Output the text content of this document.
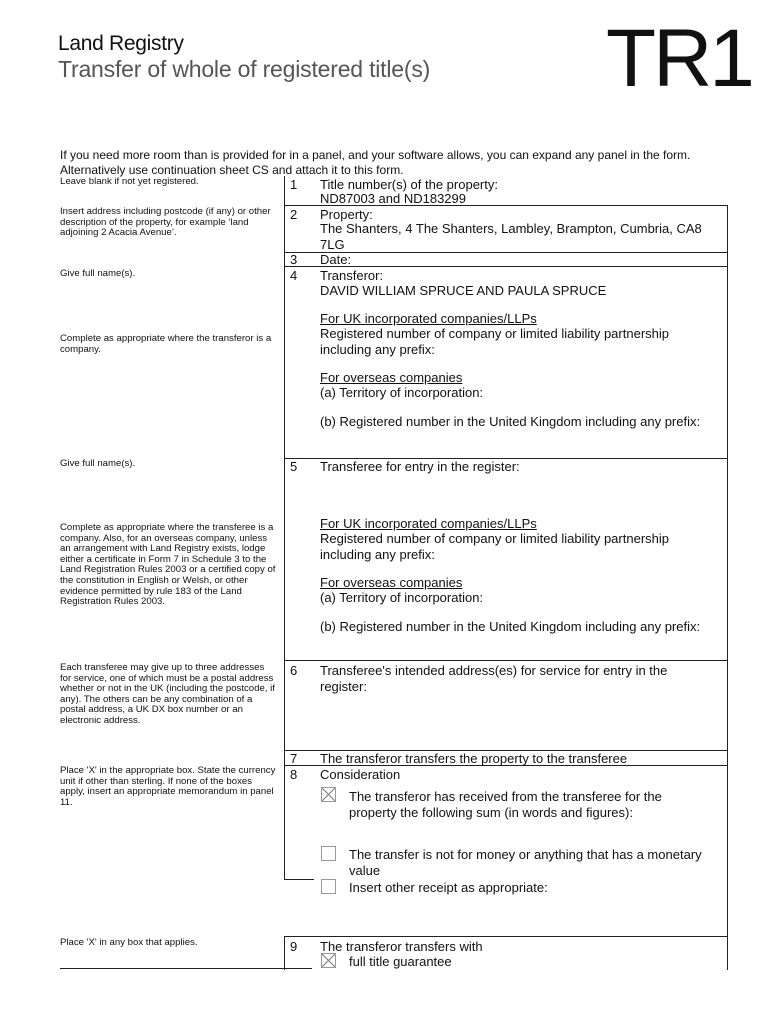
Land Registry
Transfer of whole of registered title(s) TR1
If you need more room than is provided for in a panel, and your software allows, you can expand any panel in the form. Alternatively use continuation sheet CS and attach it to this form.
Leave blank if not yet registered.
Insert address including postcode (if any) or other description of the property, for example ‘land adjoining 2 Acacia Avenue’.
Give full name(s).
Complete as appropriate where the transferor is a company.
Give full name(s).
Complete as appropriate where the transferee is a company. Also, for an overseas company, unless an arrangement with Land Registry exists, lodge either a certificate in Form 7 in Schedule 3 to the Land Registration Rules 2003 or a certified copy of the constitution in English or Welsh, or other evidence permitted by rule 183 of the Land Registration Rules 2003.
Each transferee may give up to three addresses for service, one of which must be a postal address whether or not in the UK (including the postcode, if any). The others can be any combination of a postal address, a UK DX box number or an electronic address.
Place 'X' in the appropriate box. State the currency unit if other than sterling. If none of the boxes apply, insert an appropriate memorandum in panel 11.
Place 'X' in any box that applies.
1 Title number(s) of the property:
ND87003 and ND183299
2 Property:
The Shanters, 4 The Shanters, Lambley, Brampton, Cumbria, CA8 7LG
3 Date:
4 Transferor:
DAVID WILLIAM SPRUCE AND PAULA SPRUCE
For UK incorporated companies/LLPs
Registered number of company or limited liability partnership including any prefix:
For overseas companies
(a) Territory of incorporation:
(b) Registered number in the United Kingdom including any prefix:
5 Transferee for entry in the register:
For UK incorporated companies/LLPs
Registered number of company or limited liability partnership including any prefix:
For overseas companies
(a) Territory of incorporation:
(b) Registered number in the United Kingdom including any prefix:
6 Transferee's intended address(es) for service for entry in the register:
7 The transferor transfers the property to the transferee
8 Consideration
The transferor has received from the transferee for the property the following sum (in words and figures):
The transfer is not for money or anything that has a monetary value
Insert other receipt as appropriate:
9 The transferor transfers with
full title guarantee
